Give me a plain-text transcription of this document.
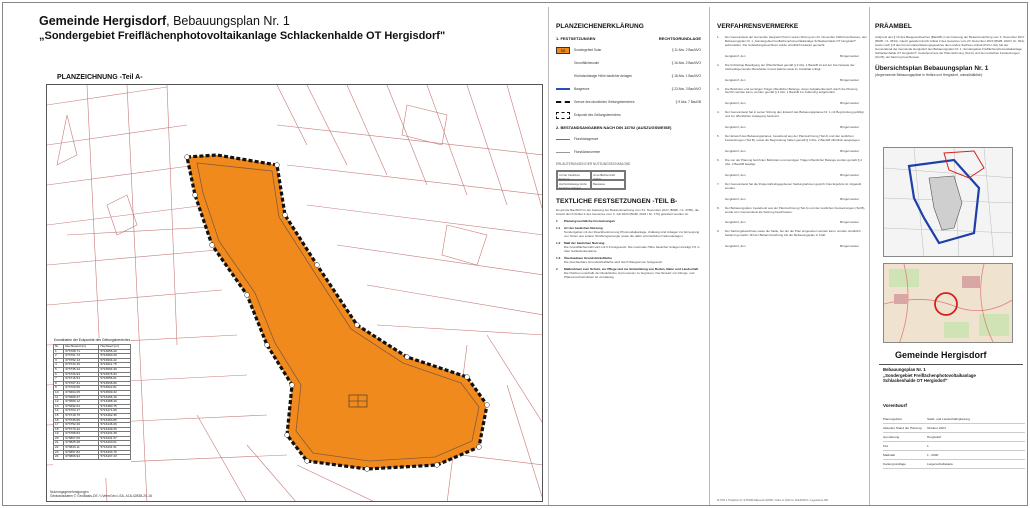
Gemeinde Hergisdorf, Bebauungsplan Nr. 1
„Sondergebiet Freiflächenphotovoltaikanlage Schlackenhalde OT Hergisdorf"
PLANZEICHNUNG -Teil A-
Koordinaten der Eckpunkte des Geltungsbereiches
Nr.	Rechtswert [m]	Hochwert [m]
1	673768.71	5716656.20
2	673761.73	5716660.20
3	673752.13	5716634.22
4	673743.16	5716611.75
5	673735.44	5716594.30
6	673726.94	5716576.93
7	673716.54	5716556.51
8	673707.31	5716536.89
9	673700.55	5716522.81
10	673694.05	5716509.32
11	673689.37	5716496.16
12	673689.12	5716488.49
13	673692.64	5716480.75
14	673704.17	5716471.66
15	673719.75	5716462.36
16	673735.66	5716453.85
17	673752.29	5716446.09
18	673770.42	5716439.25
19	673788.84	5716434.38
20	673807.09	5716431.57
21	673825.28	5716430.61
22	673843.11	5716431.51
23	673857.82	5716433.70
24	673866.94	5716437.23
Nutzungsgenehmigungen
Geobasisdaten © GeoBasis-DE / LVermGeo LSA, A18-42838-20-16
PLANZEICHENERKLÄRUNG
1. FESTSETZUNGEN	RECHTSGRUNDLAGE
SO	Sondergebiet Solar	§ 11 Abs. 2 BauNVO
Grundflächenzahl	§ 16 Abs. 2 BauNVO
Höchstzulässige Höhe baulicher Anlagen	§ 18 Abs. 1 BauNVO
Baugrenze	§ 23 Abs. 3 BauNVO
Grenze des räumlichen Geltungsbereiches	§ 9 Abs. 7 BauGB
Eckpunkt des Geltungsbereiches
2. BESTANDSANGABEN NACH DIN 18702 (AUSZUGSWEISE)
Flurstücksgrenze
Flurstücksnummer
ERLÄUTERUNGEN DER NUTZUNGSSCHABLONE
Art der baulichen Nutzung
Grundflächenzahl (GRZ)
Höchstzulässige Höhe baulicher Anlagen
Bauweise
TEXTLICHE FESTSETZUNGEN -TEIL B-
Es gilt die BauNVO in der Fassung der Bekanntmachung vom 21. November 2017 (BGBl. I S. 3786), die zuletzt durch Artikel 2 des Gesetzes vom 3. Juli 2023 (BGBl. 2023 I Nr. 176) geändert worden ist.
1	Planungsrechtliche Festsetzungen
1.1	Art der baulichen Nutzung
Sondergebiet mit der Zweckbestimmung Photovoltaikanlage. Zulässig sind Anlagen zur Erzeugung von Strom aus solarer Strahlungsenergie sowie die dafür erforderlichen Nebenanlagen.
1.2	Maß der baulichen Nutzung
Die Grundflächenzahl wird mit 0,6 festgesetzt. Die maximale Höhe baulicher Anlagen beträgt 3,5 m über Geländeoberkante.
1.3	Überbaubare Grundstücksfläche
Die überbaubare Grundstücksfläche wird durch Baugrenzen festgesetzt.
2	Maßnahmen zum Schutz, zur Pflege und zur Entwicklung von Boden, Natur und Landschaft
Die Flächen unterhalb der Modultische sind extensiv zu begrünen. Der Einsatz von Dünge- und Pflanzenschutzmitteln ist unzulässig.
VERFAHRENSVERMERKE
1.	Der Gemeinderat der Gemeinde Hergisdorf hat in seiner Sitzung am 23. November 2022 beschlossen, den Bebauungsplan Nr. 1 „Sondergebiet Freiflächenphotovoltaikanlage Schlackenhalde OT Hergisdorf" aufzustellen. Der Aufstellungsbeschluss wurde ortsüblich bekannt gemacht.
Hergisdorf, den	Bürgermeister
2.	Die frühzeitige Beteiligung der Öffentlichkeit gemäß § 3 Abs. 1 BauGB ist auf der Internetseite der Verbandsgemeinde Mansfelder Grund-Helbra sowie im Amtsblatt erfolgt.
Hergisdorf, den	Bürgermeister
3.	Die Behörden und sonstigen Träger öffentlicher Belange, deren Aufgabenbereich durch die Planung berührt werden kann, wurden gemäß § 4 Abs. 1 BauGB zur Äußerung aufgefordert.
Hergisdorf, den	Bürgermeister
4.	Der Gemeinderat hat in seiner Sitzung den Entwurf des Bebauungsplanes Nr. 1 mit Begründung gebilligt und zur öffentlichen Auslegung bestimmt.
Hergisdorf, den	Bürgermeister
5.	Der Entwurf des Bebauungsplanes, bestehend aus der Planzeichnung (Teil A) und den textlichen Festsetzungen (Teil B), sowie die Begründung haben gemäß § 3 Abs. 2 BauGB öffentlich ausgelegen.
Hergisdorf, den	Bürgermeister
6.	Die von der Planung berührten Behörden und sonstigen Träger öffentlicher Belange wurden gemäß § 4 Abs. 2 BauGB beteiligt.
Hergisdorf, den	Bürgermeister
7.	Der Gemeinderat hat die fristgemäß abgegebenen Stellungnahmen geprüft. Das Ergebnis ist mitgeteilt worden.
Hergisdorf, den	Bürgermeister
8.	Der Bebauungsplan, bestehend aus der Planzeichnung (Teil A) und den textlichen Festsetzungen (Teil B), wurde vom Gemeinderat als Satzung beschlossen.
Hergisdorf, den	Bürgermeister
9.	Der Satzungsbeschluss sowie die Stelle, bei der der Plan eingesehen werden kann, wurden ortsüblich bekannt gemacht. Mit der Bekanntmachung tritt der Bebauungsplan in Kraft.
Hergisdorf, den	Bürgermeister
PRÄAMBEL
Aufgrund des § 10 des Baugesetzbuches (BauGB) in der Fassung der Bekanntmachung vom 3. November 2017 (BGBl. I S. 3634), zuletzt geändert durch Artikel 3 des Gesetzes vom 20. Dezember 2023 (BGBl. 2023 I Nr. 394), sowie nach § 8 des Kommunalverfassungsgesetzes des Landes Sachsen-Anhalt (KVG LSA) hat der Gemeinderat der Gemeinde Hergisdorf den Bebauungsplan Nr. 1 „Sondergebiet Freiflächenphotovoltaikanlage Schlackenhalde OT Hergisdorf", bestehend aus der Planzeichnung (Teil A) und den textlichen Festsetzungen (Teil B), als Satzung beschlossen.
Übersichtsplan Bebauungsplan Nr. 1
(Angrenzende Bebauungspläne in Helbra und Hergisdorf, unmaßstäblich)
Gemeinde Hergisdorf
Bebauungsplan Nr. 1
„Sondergebiet Freiflächenphotovoltaikanlage
Schlackenhalde OT Hergisdorf"
Vorentwurf
Planungsbüro	Stadt- und Landschaftsplanung
Aktueller Stand der Planung	Oktober 2024
Gemarkung	Hergisdorf
Flur	1
Maßstab	1 : 2000
Kartengrundlage	Liegenschaftskarte
M-STR 4 Projektion D, ETRS89 Ellipsoid GRS80 / Höhe in NHN im DHHN2016 / Lagestatus 489
